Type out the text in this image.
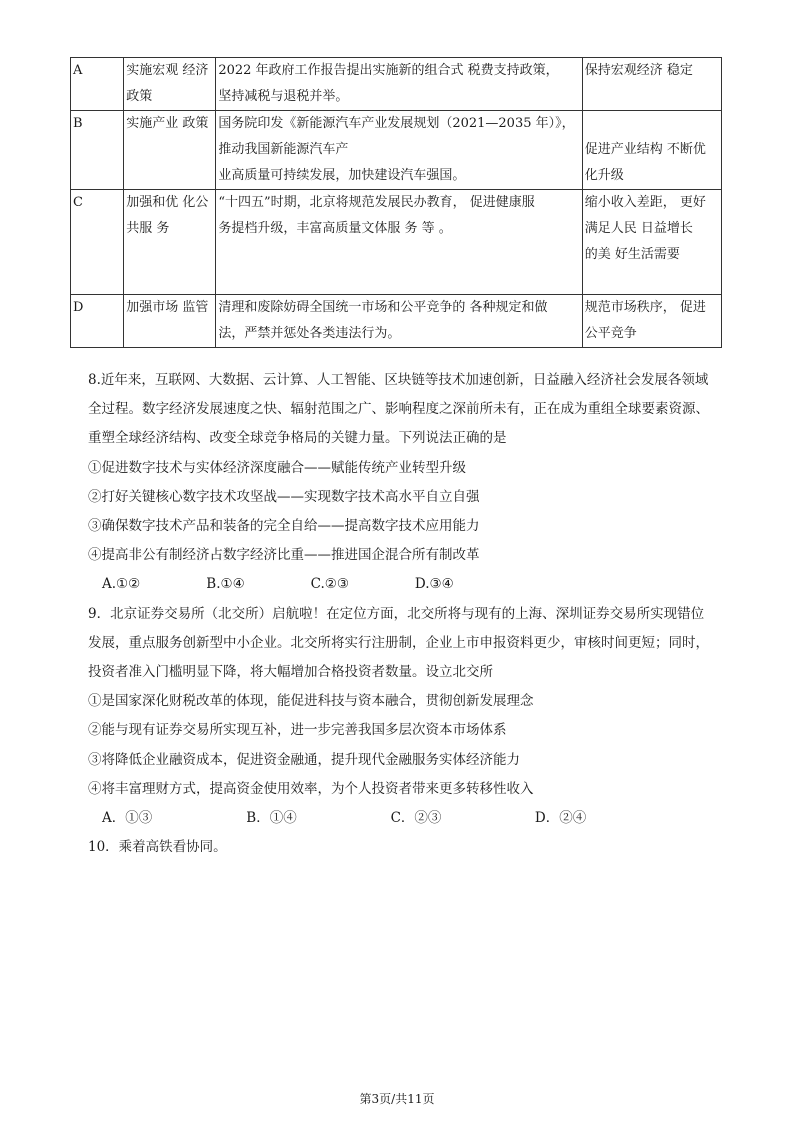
A	实施宏观 经济
政策	2022 年政府工作报告提出实施新的组合式 税费支持政策，
坚持减税与退税并举。	保持宏观经济 稳定

B	实施产业 政策	国务院印发《新能源汽车产业发展规划（2021—2035 年）》，
推动我国新能源汽车产
业高质量可持续发展，加快建设汽车强国。	促进产业结构 不断优
化升级

C	加强和优 化公
共服 务	“十四五”时期，北京将规范发展民办教育， 促进健康服
务提档升级，丰富高质量文体服 务 等 。	缩小收入差距， 更好
满足人民 日益增长
的美 好生活需要

D	加强市场 监管	清理和废除妨碍全国统一市场和公平竞争的 各种规定和做
法，严禁并惩处各类违法行为。	规范市场秩序， 促进
公平竞争
8.近年来，互联网、大数据、云计算、人工智能、区块链等技术加速创新，日益融入经济社会发展各领域
全过程。数字经济发展速度之快、辐射范围之广、影响程度之深前所未有，正在成为重组全球要素资源、
重塑全球经济结构、改变全球竞争格局的关键力量。下列说法正确的是
①促进数字技术与实体经济深度融合——赋能传统产业转型升级
②打好关键核心数字技术攻坚战——实现数字技术高水平自立自强
③确保数字技术产品和装备的完全自给——提高数字技术应用能力
④提高非公有制经济占数字经济比重——推进国企混合所有制改革
A.①②	B.①④	C.②③	D.③④
9．北京证券交易所（北交所）启航啦！在定位方面，北交所将与现有的上海、深圳证券交易所实现错位
发展，重点服务创新型中小企业。北交所将实行注册制，企业上市申报资料更少，审核时间更短；同时，
投资者准入门槛明显下降，将大幅增加合格投资者数量。设立北交所
①是国家深化财税改革的体现，能促进科技与资本融合，贯彻创新发展理念
②能与现有证券交易所实现互补，进一步完善我国多层次资本市场体系
③将降低企业融资成本，促进资金融通，提升现代金融服务实体经济能力
④将丰富理财方式，提高资金使用效率，为个人投资者带来更多转移性收入
A．①③	B．①④	C．②③	D．②④
10．乘着高铁看协同。
第3页/共11页
